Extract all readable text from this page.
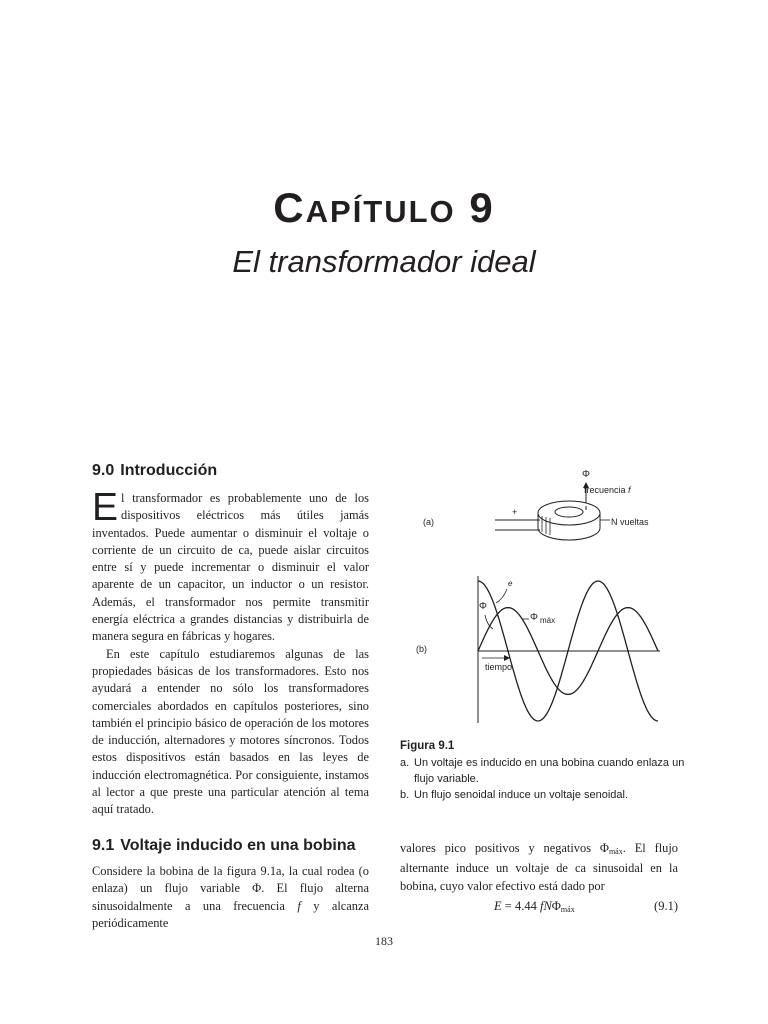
CAPÍTULO 9
El transformador ideal
9.0 Introducción

El transformador es probablemente uno de los dispositivos eléctricos más útiles jamás inventados. Puede aumentar o disminuir el voltaje o corriente de un circuito de ca, puede aislar circuitos entre sí y puede incrementar o disminuir el valor aparente de un capacitor, un inductor o un resistor. Además, el transformador nos permite transmitir energía eléctrica a grandes distancias y distribuirla de manera segura en fábricas y hogares.

En este capítulo estudiaremos algunas de las propiedades básicas de los transformadores. Esto nos ayudará a entender no sólo los transformadores comerciales abordados en capítulos posteriores, sino también el principio básico de operación de los motores de inducción, alternadores y motores síncronos. Todos estos dispositivos están basados en las leyes de inducción electromagnética. Por consiguiente, instamos al lector a que preste una particular atención al tema aquí tratado.

(a)
Φ
frecuencia f
+
N vueltas
(b)
e
Φ
Φ $_{máx}$
tiempo
Figura 9.1
a. Un voltaje es inducido en una bobina cuando enlaza un flujo variable.
b. Un flujo senoidal induce un voltaje senoidal.
9.1 Voltaje inducido en una bobina

Considere la bobina de la figura 9.1a, la cual rodea (o enlaza) un flujo variable Φ. El flujo alterna sinusoidalmente a una frecuencia f y alcanza periódicamente

valores pico positivos y negativos $\Phi_{máx}$. El flujo alternante induce un voltaje de ca sinusoidal en la bobina, cuyo valor efectivo está dado por

E = 4.44 fNΦ$_{máx}$	(9.1)
183
